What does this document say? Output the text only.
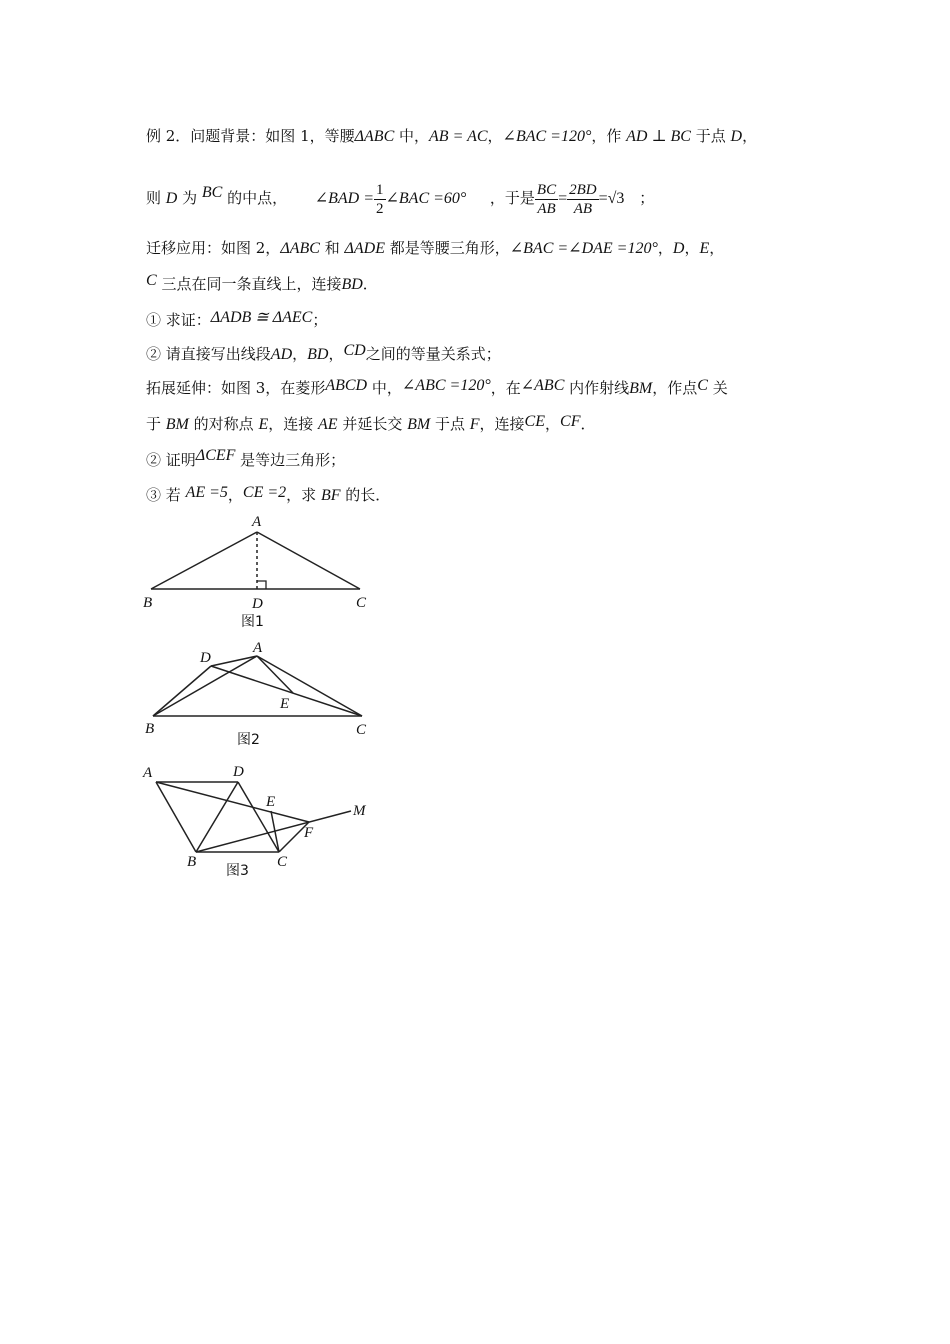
例 2．问题背景：如图 1，等腰ΔABC 中，AB = AC，∠BAC =120°，作 AD ⊥ BC 于点 D，
则 D 为 BC 的中点， ∠BAD = $\frac{1}{2}$ ∠BAC =60° ，于是 $\frac{BC}{AB} = \frac{2BD}{AB} =√3$ ；
迁移应用：如图 2，ΔABC 和 ΔADE 都是等腰三角形，∠BAC =∠DAE =120°，D，E，
C 三点在同一条直线上，连接BD．
① 求证：ΔADB ≅ ΔAEC；
② 请直接写出线段AD，BD，CD之间的等量关系式；
拓展延伸：如图 3，在菱形ABCD 中，∠ABC =120°，在∠ABC 内作射线BM，作点C 关
于 BM 的对称点 E，连接 AE 并延长交 BM 于点 F，连接CE，CF．
② 证明ΔCEF 是等边三角形；
③ 若 AE =5，CE =2，求 BF 的长．
A
B	D	C
图1
A
D
E
B	C
图2
A	D
E
F
M
B	C
图3
